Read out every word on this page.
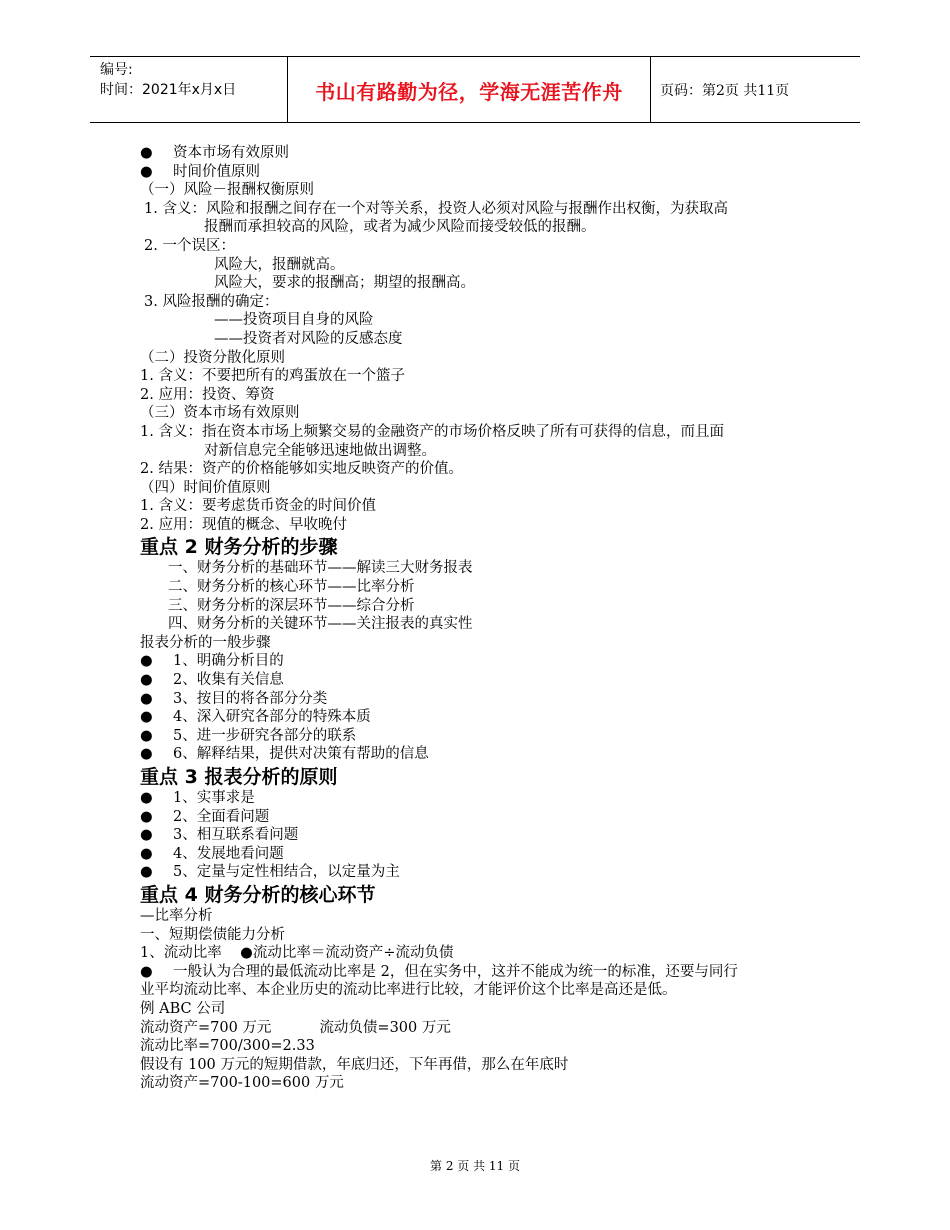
编号:
时间：2021年x月x日	书山有路勤为径，学海无涯苦作舟	页码：第2页 共11页
●	资本市场有效原则
●	时间价值原则
（一）风险－报酬权衡原则
1. 含义：风险和报酬之间存在一个对等关系，投资人必须对风险与报酬作出权衡，为获取高
报酬而承担较高的风险，或者为减少风险而接受较低的报酬。
2. 一个误区：
风险大，报酬就高。
风险大，要求的报酬高；期望的报酬高。
3. 风险报酬的确定：
——投资项目自身的风险
——投资者对风险的反感态度
（二）投资分散化原则
1. 含义：不要把所有的鸡蛋放在一个篮子
2. 应用：投资、筹资
（三）资本市场有效原则
1. 含义：指在资本市场上频繁交易的金融资产的市场价格反映了所有可获得的信息，而且面
对新信息完全能够迅速地做出调整。
2. 结果：资产的价格能够如实地反映资产的价值。
（四）时间价值原则
1. 含义：要考虑货币资金的时间价值
2. 应用：现值的概念、早收晚付
重点 2 财务分析的步骤
一、财务分析的基础环节——解读三大财务报表
二、财务分析的核心环节——比率分析
三、财务分析的深层环节——综合分析
四、财务分析的关键环节——关注报表的真实性
报表分析的一般步骤
●	1、明确分析目的
●	2、收集有关信息
●	3、按目的将各部分分类
●	4、深入研究各部分的特殊本质
●	5、进一步研究各部分的联系
●	6、解释结果，提供对决策有帮助的信息
重点 3 报表分析的原则
●	1、实事求是
●	2、全面看问题
●	3、相互联系看问题
●	4、发展地看问题
●	5、定量与定性相结合，以定量为主
重点 4 财务分析的核心环节
—比率分析
一、短期偿债能力分析
1、流动比率    ●流动比率＝流动资产÷流动负债
●	一般认为合理的最低流动比率是 2，但在实务中，这并不能成为统一的标准，还要与同行
业平均流动比率、本企业历史的流动比率进行比较，才能评价这个比率是高还是低。
例 ABC 公司
流动资产=700 万元	流动负债=300 万元
流动比率=700/300=2.33
假设有 100 万元的短期借款，年底归还，下年再借，那么在年底时
流动资产=700-100=600 万元
第 2 页 共 11 页
